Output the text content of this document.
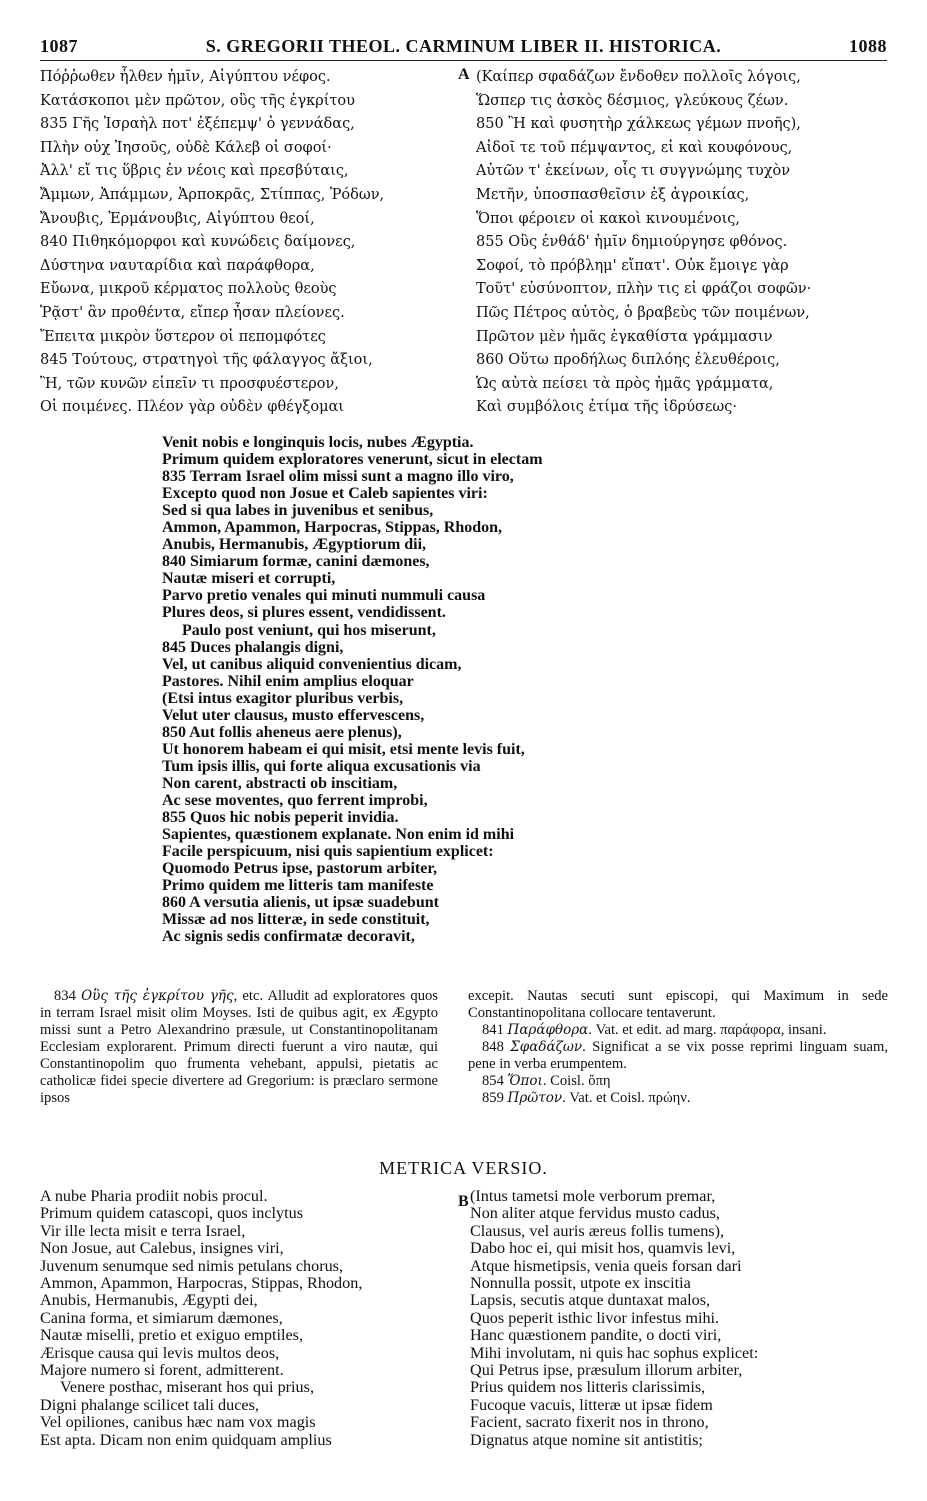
1087	S. GREGORII THEOL. CARMINUM LIBER II. HISTORICA.	1088
A
Πόῤῥωθεν ἦλθεν ἡμῖν, Αἰγύπτου νέφος.
Κατάσκοποι μὲν πρῶτον, οὓς τῆς ἐγκρίτου
835 Γῆς Ἰσραὴλ ποτ' ἐξέπεμψ' ὁ γεννάδας,
Πλὴν οὐχ Ἰησοῦς, οὐδὲ Κάλεβ οἱ σοφοί·
Ἀλλ' εἴ τις ὕβρις ἐν νέοις καὶ πρεσβύταις,
Ἄμμων, Ἀπάμμων, Ἁρποκρᾶς, Στίππας, Ῥόδων,
Ἄνουβις, Ἑρμάνουβις, Αἰγύπτου θεοί,
840 Πιθηκόμορφοι καὶ κυνώδεις δαίμονες,
Δύστηνα ναυταρίδια καὶ παράφθορα,
Εὔωνα, μικροῦ κέρματος πολλοὺς θεοὺς
Ῥᾷστ' ἂν προθέντα, εἴπερ ἦσαν πλείονες.
Ἔπειτα μικρὸν ὕστερον οἱ πεπομφότες
845 Τούτους, στρατηγοὶ τῆς φάλαγγος ἄξιοι,
Ἢ, τῶν κυνῶν εἰπεῖν τι προσφυέστερον,
Οἱ ποιμένες. Πλέον γὰρ οὐδὲν φθέγξομαι
(Καίπερ σφαδάζων ἔνδοθεν πολλοῖς λόγοις,
Ὥσπερ τις ἀσκὸς δέσμιος, γλεύκους ζέων.
850 Ἢ καὶ φυσητὴρ χάλκεως γέμων πνοῆς),
Αἰδοῖ τε τοῦ πέμψαντος, εἰ καὶ κουφόνους,
Αὐτῶν τ' ἐκείνων, οἷς τι συγγνώμης τυχὸν
Μετῆν, ὑποσπασθεῖσιν ἐξ ἀγροικίας,
Ὅποι φέροιεν οἱ κακοὶ κινουμένοις,
855 Οὓς ἐνθάδ' ἡμῖν δημιούργησε φθόνος.
Σοφοί, τὸ πρόβλημ' εἴπατ'. Οὐκ ἔμοιγε γὰρ
Τοῦτ' εὐσύνοπτον, πλὴν τις εἰ φράζοι σοφῶν·
Πῶς Πέτρος αὐτὸς, ὁ βραβεὺς τῶν ποιμένων,
Πρῶτον μὲν ἡμᾶς ἐγκαθίστα γράμμασιν
860 Οὕτω προδήλως διπλόης ἐλευθέροις,
Ὡς αὐτὰ πείσει τὰ πρὸς ἡμᾶς γράμματα,
Καὶ συμβόλοις ἐτίμα τῆς ἱδρύσεως·
Venit nobis e longinquis locis, nubes Ægyptia.
Primum quidem exploratores venerunt, sicut in electam
835 Terram Israel olim missi sunt a magno illo viro,
Excepto quod non Josue et Caleb sapientes viri:
Sed si qua labes in juvenibus et senibus,
Ammon, Apammon, Harpocras, Stippas, Rhodon,
Anubis, Hermanubis, Ægyptiorum dii,
840 Simiarum formæ, canini dæmones,
Nautæ miseri et corrupti,
Parvo pretio venales qui minuti nummuli causa
Plures deos, si plures essent, vendidissent.
Paulo post veniunt, qui hos miserunt,
845 Duces phalangis digni,
Vel, ut canibus aliquid convenientius dicam,
Pastores. Nihil enim amplius eloquar
(Etsi intus exagitor pluribus verbis,
Velut uter clausus, musto effervescens,
850 Aut follis aheneus aere plenus),
Ut honorem habeam ei qui misit, etsi mente levis fuit,
Tum ipsis illis, qui forte aliqua excusationis via
Non carent, abstracti ob inscitiam,
Ac sese moventes, quo ferrent improbi,
855 Quos hic nobis peperit invidia.
Sapientes, quæstionem explanate. Non enim id mihi
Facile perspicuum, nisi quis sapientium explicet:
Quomodo Petrus ipse, pastorum arbiter,
Primo quidem me litteris tam manifeste
860 A versutia alienis, ut ipsæ suadebunt
Missæ ad nos litteræ, in sede constituit,
Ac signis sedis confirmatæ decoravit,

834 Οὓς τῆς ἐγκρίτου γῆς, etc. Alludit ad exploratores quos in terram Israel misit olim Moyses. Isti de quibus agit, ex Ægypto missi sunt a Petro Alexandrino præsule, ut Constantinopolitanam Ecclesiam explorarent. Primum directi fuerunt a viro nautæ, qui Constantinopolim quo frumenta vehebant, appulsi, pietatis ac catholicæ fidei specie divertere ad Gregorium: is præclaro sermone ipsos

excepit. Nautas secuti sunt episcopi, qui Maximum in sede Constantinopolitana collocare tentaverunt.

841 Παράφθορα. Vat. et edit. ad marg. παράφορα, insani.

848 Σφαδάζων. Significat a se vix posse reprimi linguam suam, pene in verba erumpentem.

854 Ὅποι. Coisl. ὅπη

859 Πρῶτον. Vat. et Coisl. πρώην.

METRICA VERSIO.
B
A nube Pharia prodiit nobis procul.
Primum quidem catascopi, quos inclytus
Vir ille lecta misit e terra Israel,
Non Josue, aut Calebus, insignes viri,
Juvenum senumque sed nimis petulans chorus,
Ammon, Apammon, Harpocras, Stippas, Rhodon,
Anubis, Hermanubis, Ægypti dei,
Canina forma, et simiarum dæmones,
Nautæ miselli, pretio et exiguo emptiles,
Ærisque causa qui levis multos deos,
Majore numero si forent, admitterent.
Venere posthac, miserant hos qui prius,
Digni phalange scilicet tali duces,
Vel opiliones, canibus hæc nam vox magis
Est apta. Dicam non enim quidquam amplius
(Intus tametsi mole verborum premar,
Non aliter atque fervidus musto cadus,
Clausus, vel auris æreus follis tumens),
Dabo hoc ei, qui misit hos, quamvis levi,
Atque hismetipsis, venia queis forsan dari
Nonnulla possit, utpote ex inscitia
Lapsis, secutis atque duntaxat malos,
Quos peperit isthic livor infestus mihi.
Hanc quæstionem pandite, o docti viri,
Mihi involutam, ni quis hac sophus explicet:
Qui Petrus ipse, præsulum illorum arbiter,
Prius quidem nos litteris clarissimis,
Fucoque vacuis, litteræ ut ipsæ fidem
Facient, sacrato fixerit nos in throno,
Dignatus atque nomine sit antistitis;
